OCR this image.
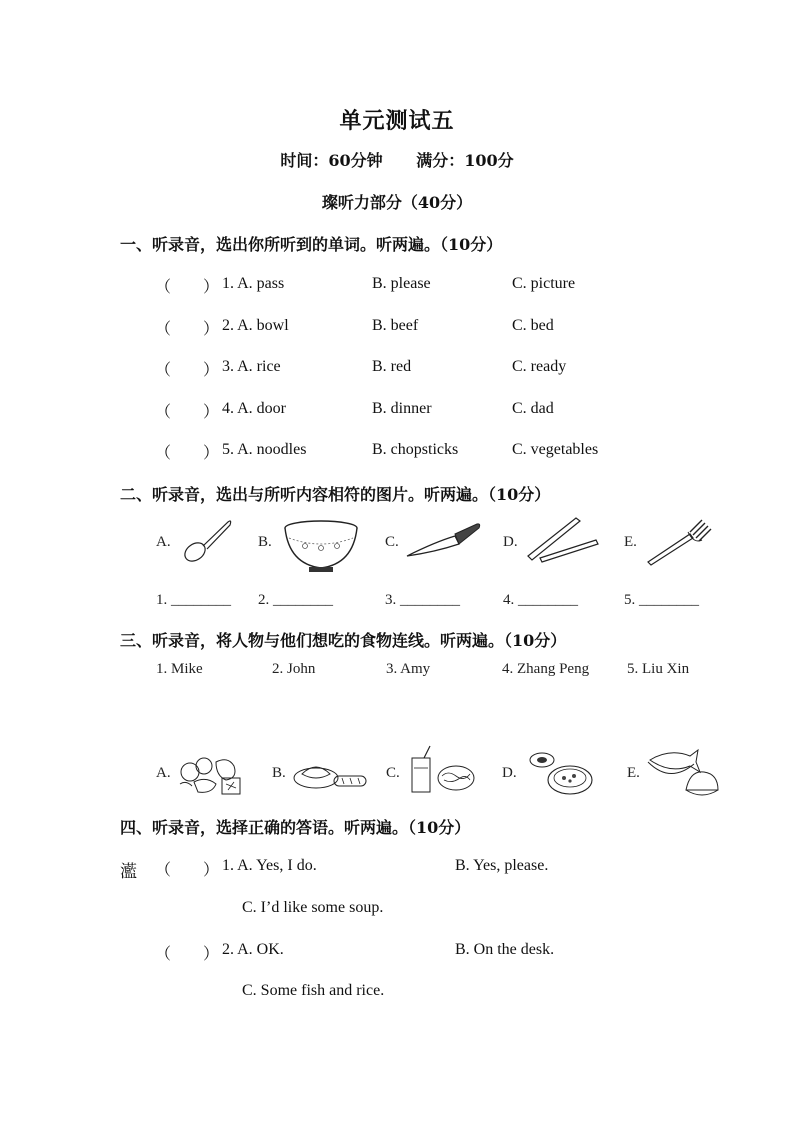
单元测试五
时间：60分钟 满分：100分
璨听力部分（40分）
一、听录音，选出你所听到的单词。听两遍。（10分）
（　　） 1. A. pass	B. please	C. picture
（　　） 2. A. bowl	B. beef	C. bed
（　　） 3. A. rice	B. red	C. ready
（　　） 4. A. door	B. dinner	C. dad
（　　） 5. A. noodles	B. chopsticks	C. vegetables
二、听录音，选出与所听内容相符的图片。听两遍。（10分）
A.	B.	C.	D.	E.
1. ________ 2. ________	3. ________	4. ________	5. ________
三、听录音，将人物与他们想吃的食物连线。听两遍。（10分）
1. Mike	2. John	3. Amy	4. Zhang Peng	5. Liu Xin
A.	B.	C.	D.	E.
四、听录音，选择正确的答语。听两遍。（10分）
灆 （　　） 1. A. Yes, I do.	B. Yes, please.
C. I’d like some soup.
（　　） 2. A. OK.	B. On the desk.
C. Some fish and rice.
